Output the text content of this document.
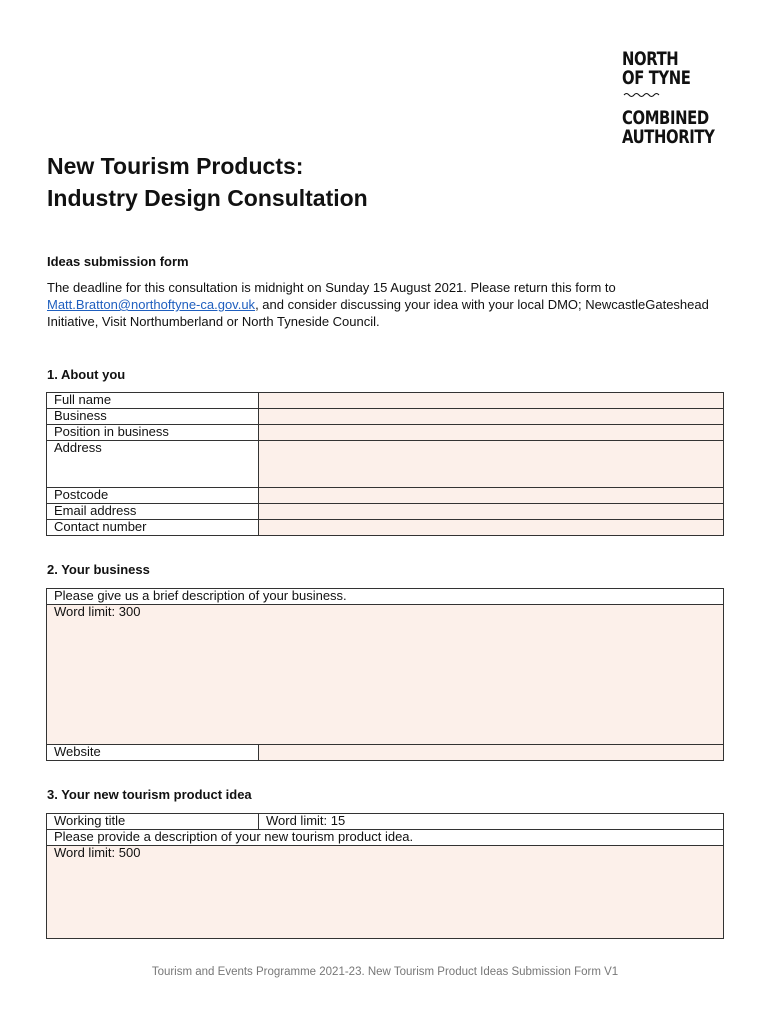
NORTH
OF TYNE
COMBINED
AUTHORITY
New Tourism Products:
Industry Design Consultation
Ideas submission form
The deadline for this consultation is midnight on Sunday 15 August 2021. Please return this form to
Matt.Bratton@northoftyne-ca.gov.uk, and consider discussing your idea with your local DMO; NewcastleGateshead Initiative, Visit Northumberland or North Tyneside Council.
1. About you
Full name	
Business	
Position in business	
Address	
Postcode	
Email address	
Contact number	
2. Your business
Please give us a brief description of your business.
Word limit: 300
Website	
3. Your new tourism product idea
Working title	Word limit: 15
Please provide a description of your new tourism product idea.
Word limit: 500
Tourism and Events Programme 2021-23. New Tourism Product Ideas Submission Form V1
